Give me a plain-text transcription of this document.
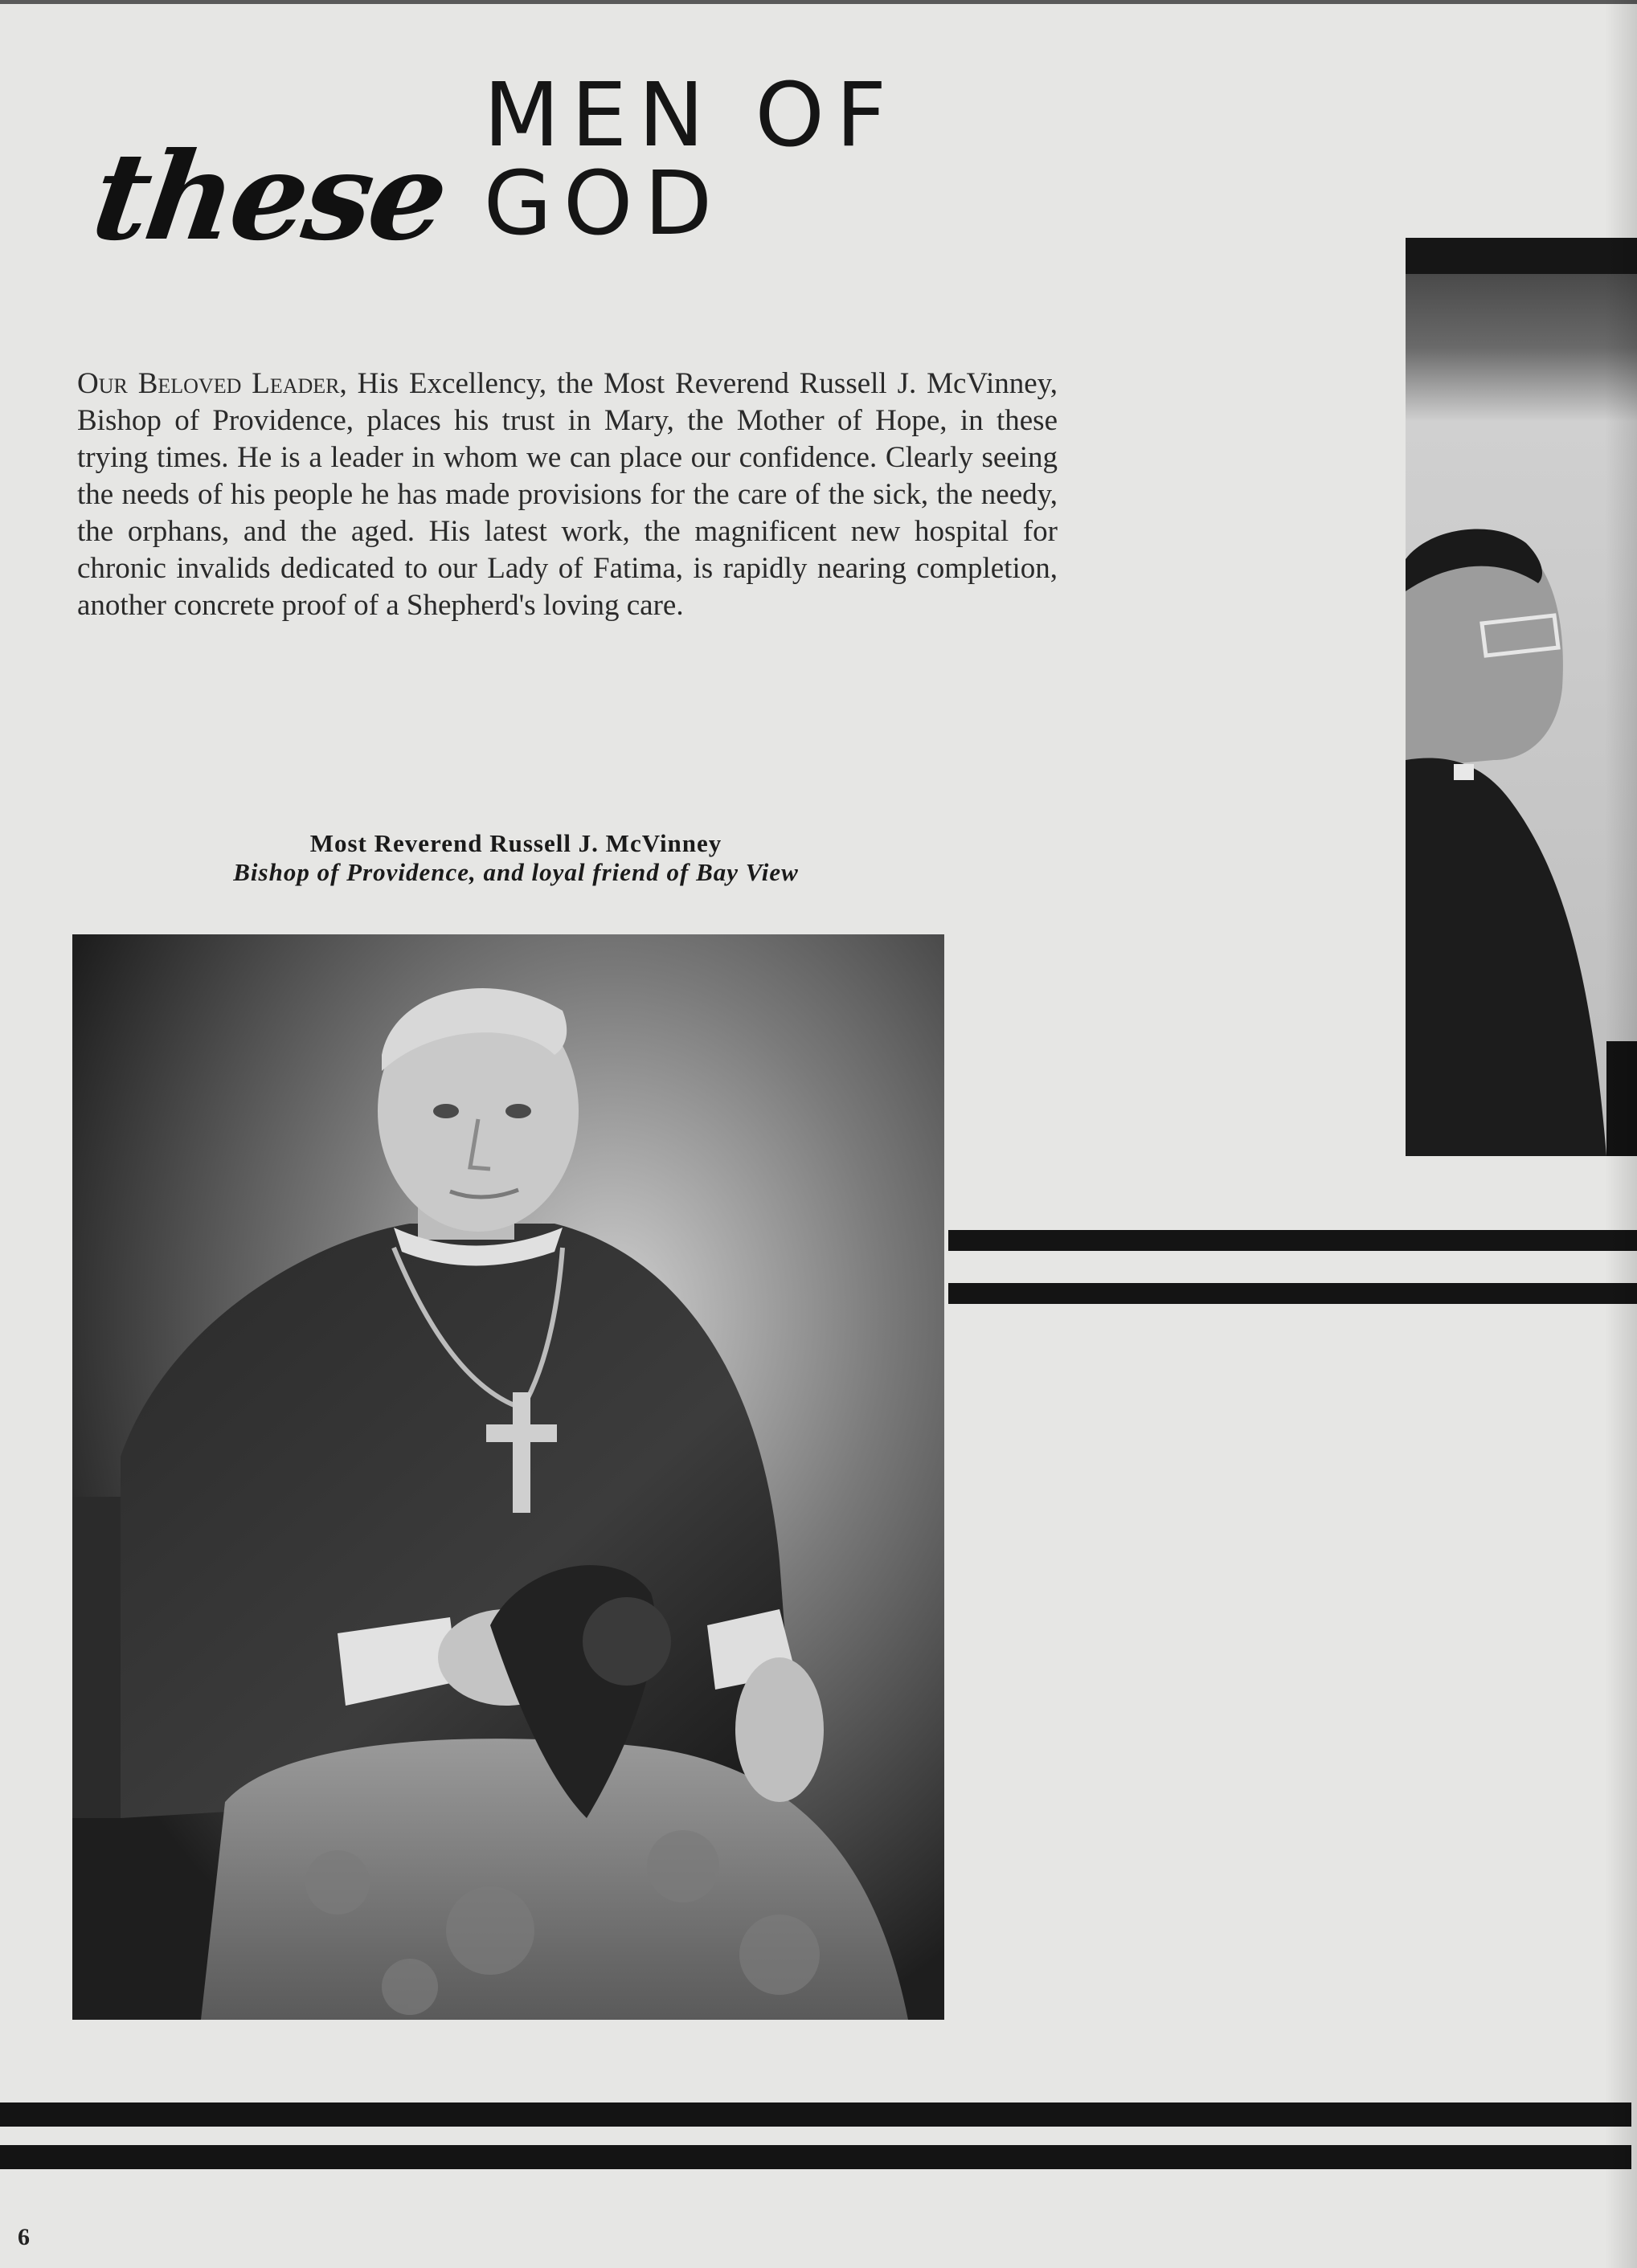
these
MEN OF GOD
Our Beloved Leader, His Excellency, the Most Reverend Russell J. McVinney, Bishop of Providence, places his trust in Mary, the Mother of Hope, in these trying times. He is a leader in whom we can place our confidence. Clearly seeing the needs of his people he has made provisions for the care of the sick, the needy, the orphans, and the aged. His latest work, the magnificent new hospital for chronic invalids dedicated to our Lady of Fatima, is rapidly nearing completion, another concrete proof of a Shepherd's loving care.
Most Reverend Russell J. McVinney
Bishop of Providence, and loyal friend of Bay View
6
